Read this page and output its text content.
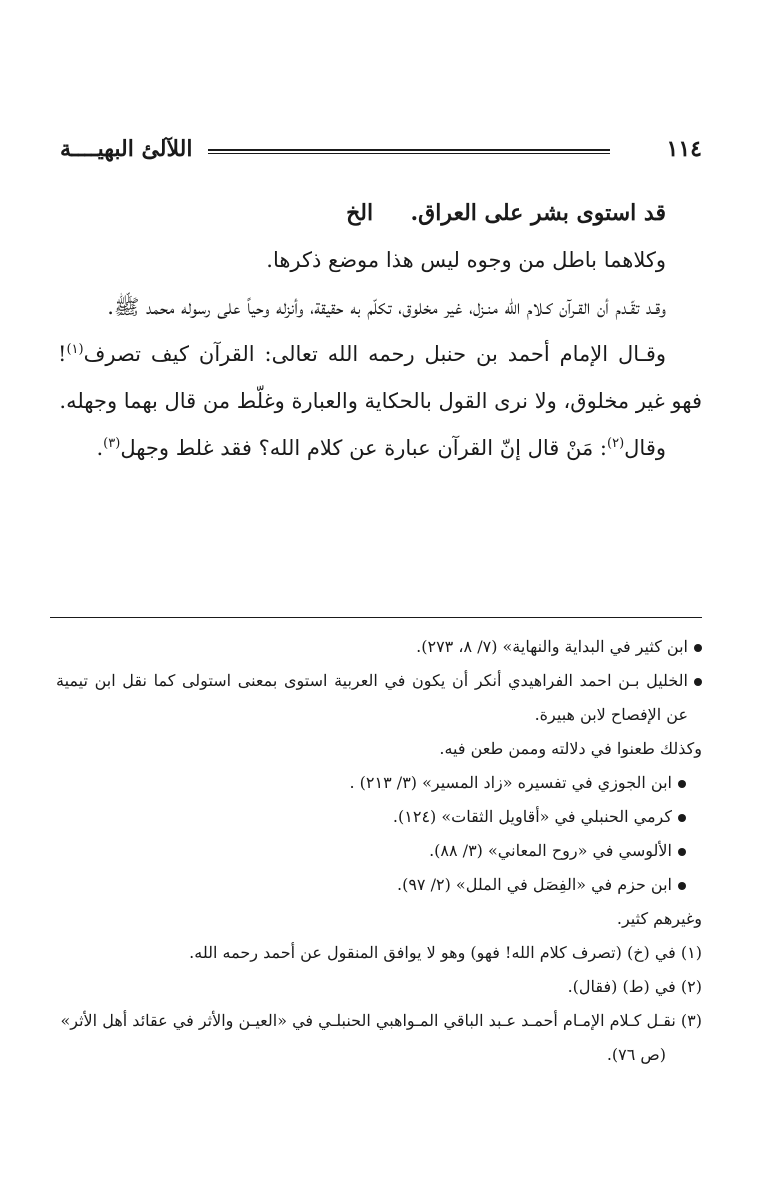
١١٤
اللآلئ البهيــــة

قد استوى بشر على العراق.  الخ

وكلاهما باطل من وجوه ليس هذا موضع ذكرها.

وقـد تقّـدم أن القـرآن كـلام الله منـزل، غير مخلوق، تكلّم به حقيقة، وأنزله وحياً على رسوله محمد ﷺ.

وقـال الإمام أحمد بن حنبل رحمه الله تعالى: القرآن كيف تصرف$^{(١)}$! فهو غير مخلوق، ولا نرى القول بالحكاية والعبارة وغلّط من قال بهما وجهله.

وقال$^{(٢)}$: مَنْ قال إنّ القرآن عبارة عن كلام الله؟ فقد غلط وجهل$^{(٣)}$.

ابن كثير في البداية والنهاية» (٧/ ٨، ٢٧٣).
الخليل بـن احمد الفراهيدي أنكر أن يكون في العربية استوى بمعنى استولى كما نقل ابن تيمية عن الإفصاح لابن هبيرة.
وكذلك طعنوا في دلالته وممن طعن فيه.
ابن الجوزي في تفسيره «زاد المسير» (٣/ ٢١٣) .
كرمي الحنبلي في «أقاويل الثقات» (١٢٤).
الألوسي في «روح المعاني» (٣/ ٨٨).
ابن حزم في «الفِصَل في الملل» (٢/ ٩٧).
وغيرهم كثير.
(١) في (خ) (تصرف كلام الله! فهو) وهو لا يوافق المنقول عن أحمد رحمه الله.
(٢) في (ط) (فقال).
(٣) نقـل كـلام الإمـام أحمـد عـبد الباقي المـواهبي الحنبلـي في «العيـن والأثر في عقائد أهل الأثر»
(ص ٧٦).
